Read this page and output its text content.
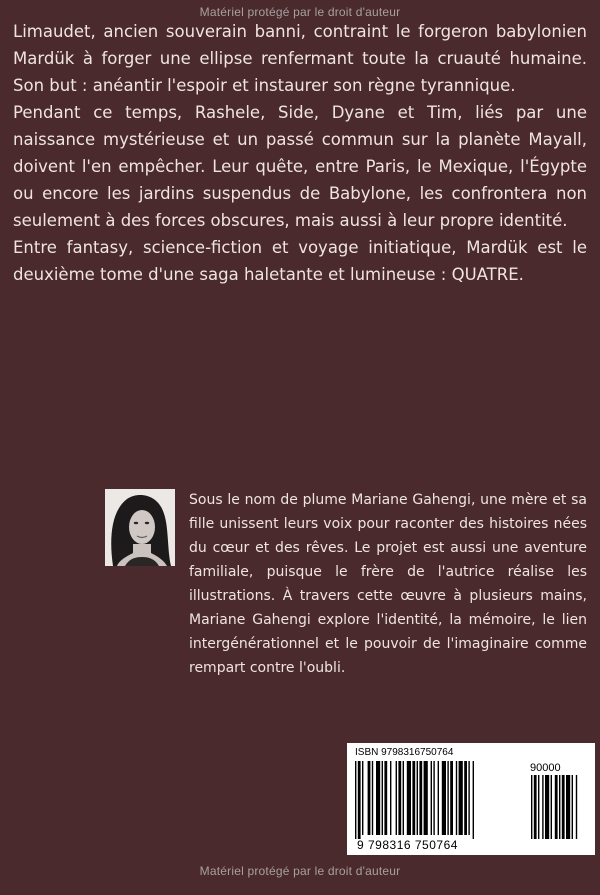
Matériel protégé par le droit d'auteur

Limaudet, ancien souverain banni, contraint le forgeron babylonien Mardük à forger une ellipse renfermant toute la cruauté humaine. Son but : anéantir l'espoir et instaurer son règne tyrannique.

Pendant ce temps, Rashele, Side, Dyane et Tim, liés par une naissance mystérieuse et un passé commun sur la planète Mayall, doivent l'en empêcher. Leur quête, entre Paris, le Mexique, l'Égypte ou encore les jardins suspendus de Babylone, les confrontera non seulement à des forces obscures, mais aussi à leur propre identité.

Entre fantasy, science-fiction et voyage initiatique, Mardük est le deuxième tome d'une saga haletante et lumineuse : QUATRE.

Sous le nom de plume Mariane Gahengi, une mère et sa fille unissent leurs voix pour raconter des histoires nées du cœur et des rêves. Le projet est aussi une aventure familiale, puisque le frère de l'autrice réalise les illustrations. À travers cette œuvre à plusieurs mains, Mariane Gahengi explore l'identité, la mémoire, le lien intergénérationnel et le pouvoir de l'imaginaire comme rempart contre l'oubli.
ISBN 9798316750764
90000
9 798316 750764
Matériel protégé par le droit d'auteur
